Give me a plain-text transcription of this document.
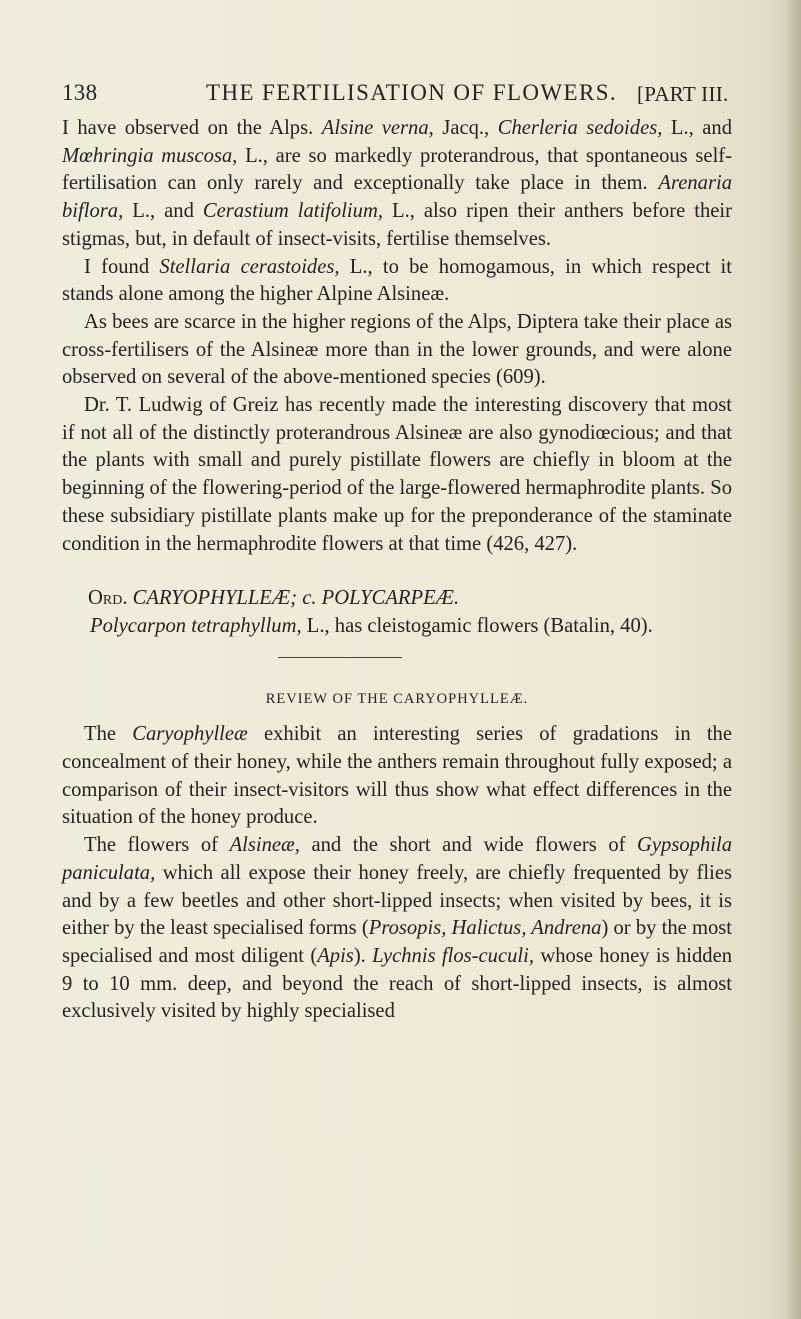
138	THE FERTILISATION OF FLOWERS. [PART III.

I have observed on the Alps. Alsine verna, Jacq., Cherleria sedoides, L., and Mœhringia muscosa, L., are so markedly proterandrous, that spontaneous self-fertilisation can only rarely and exceptionally take place in them. Arenaria biflora, L., and Cerastium latifolium, L., also ripen their anthers before their stigmas, but, in default of insect-visits, fertilise themselves.

I found Stellaria cerastoides, L., to be homogamous, in which respect it stands alone among the higher Alpine Alsineæ.

As bees are scarce in the higher regions of the Alps, Diptera take their place as cross-fertilisers of the Alsineæ more than in the lower grounds, and were alone observed on several of the above-mentioned species (609).

Dr. T. Ludwig of Greiz has recently made the interesting discovery that most if not all of the distinctly proterandrous Alsineæ are also gynodiœcious; and that the plants with small and purely pistillate flowers are chiefly in bloom at the beginning of the flowering-period of the large-flowered hermaphrodite plants. So these subsidiary pistillate plants make up for the preponderance of the staminate condition in the hermaphrodite flowers at that time (426, 427).

Ord. CARYOPHYLLEÆ; c. POLYCARPEÆ.

Polycarpon tetraphyllum, L., has cleistogamic flowers (Batalin, 40).

REVIEW OF THE CARYOPHYLLEÆ.

The Caryophylleæ exhibit an interesting series of gradations in the concealment of their honey, while the anthers remain throughout fully exposed; a comparison of their insect-visitors will thus show what effect differences in the situation of the honey produce.

The flowers of Alsineæ, and the short and wide flowers of Gypsophila paniculata, which all expose their honey freely, are chiefly frequented by flies and by a few beetles and other short-lipped insects; when visited by bees, it is either by the least specialised forms (Prosopis, Halictus, Andrena) or by the most specialised and most diligent (Apis). Lychnis flos-cuculi, whose honey is hidden 9 to 10 mm. deep, and beyond the reach of short-lipped insects, is almost exclusively visited by highly specialised
